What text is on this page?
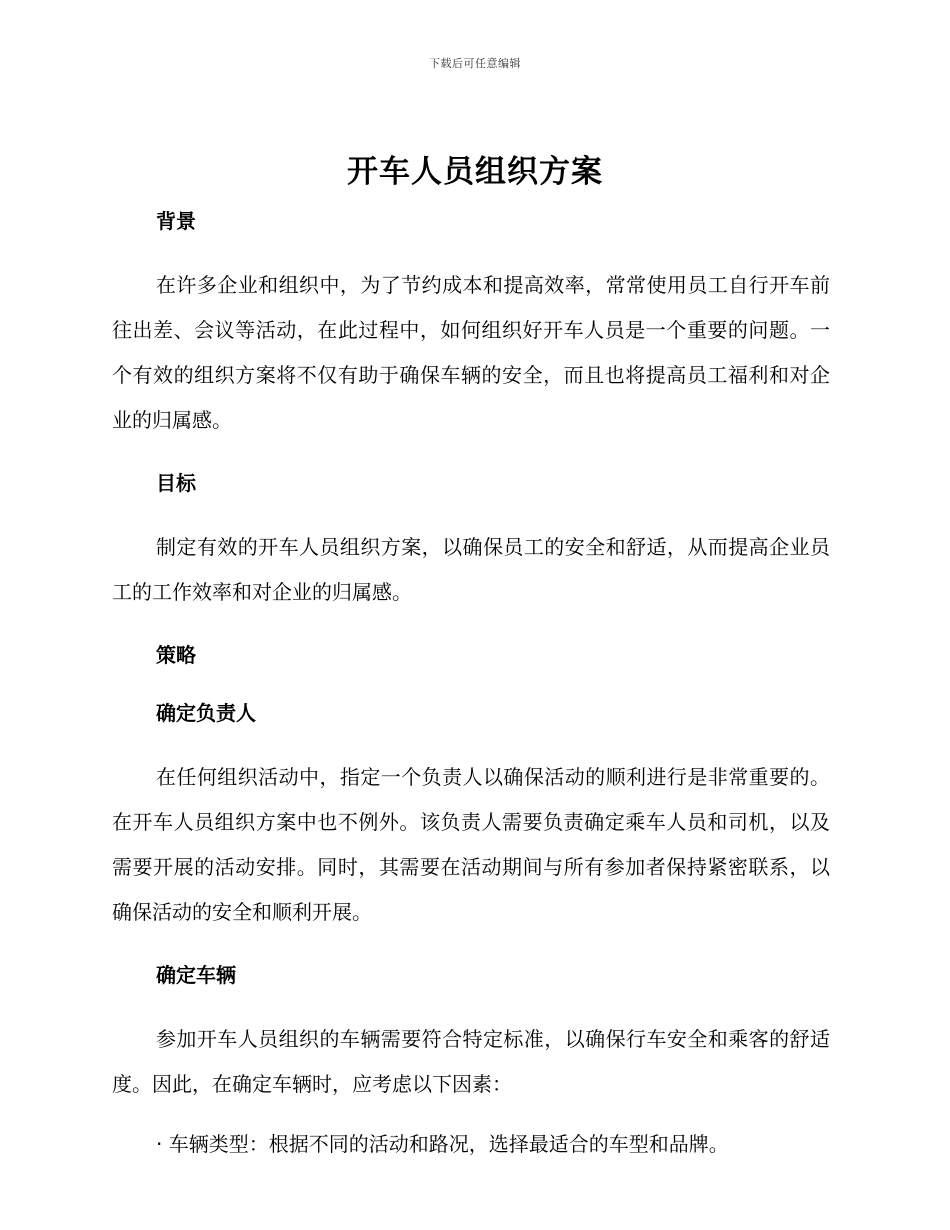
下载后可任意编辑
开车人员组织方案

背景

在许多企业和组织中，为了节约成本和提高效率，常常使用员工自行开车前往出差、会议等活动，在此过程中，如何组织好开车人员是一个重要的问题。一个有效的组织方案将不仅有助于确保车辆的安全，而且也将提高员工福利和对企业的归属感。

目标

制定有效的开车人员组织方案，以确保员工的安全和舒适，从而提高企业员工的工作效率和对企业的归属感。

策略

确定负责人

在任何组织活动中，指定一个负责人以确保活动的顺利进行是非常重要的。在开车人员组织方案中也不例外。该负责人需要负责确定乘车人员和司机，以及需要开展的活动安排。同时，其需要在活动期间与所有参加者保持紧密联系，以确保活动的安全和顺利开展。

确定车辆

参加开车人员组织的车辆需要符合特定标准，以确保行车安全和乘客的舒适度。因此，在确定车辆时，应考虑以下因素：

· 车辆类型：根据不同的活动和路况，选择最适合的车型和品牌。
